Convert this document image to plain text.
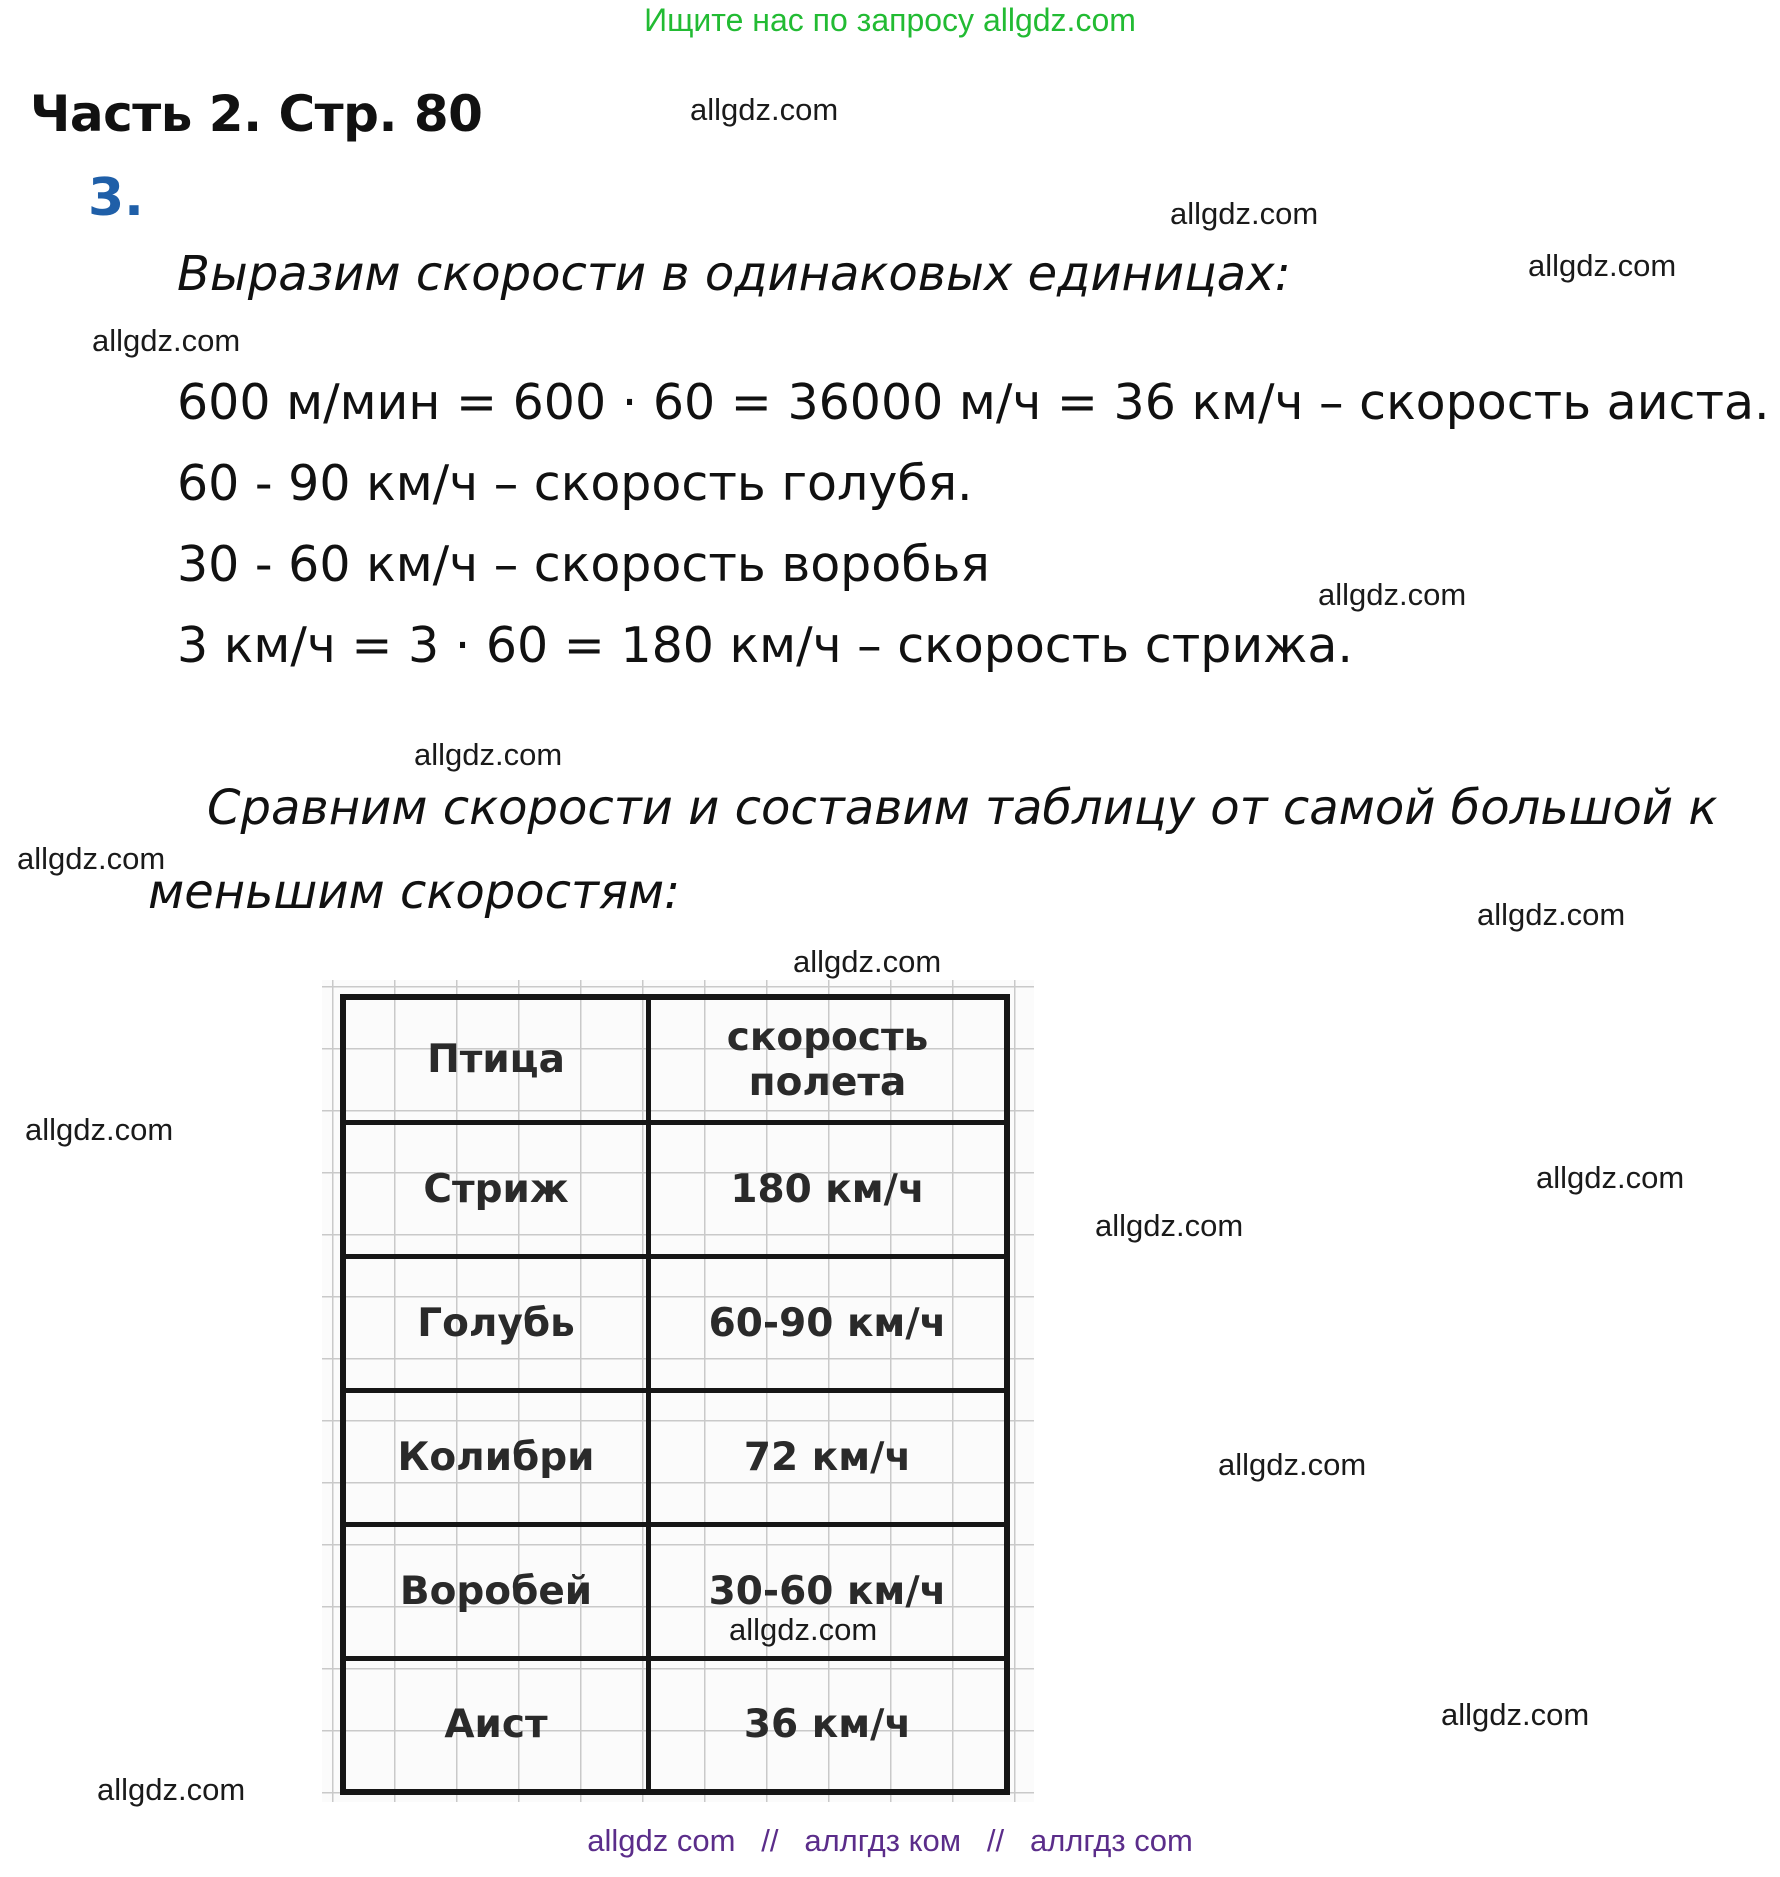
Ищите нас по запросу allgdz.com
Часть 2. Стр. 80
3.
Выразим скорости в одинаковых единицах:
600 м/мин = 600 · 60 = 36000 м/ч = 36 км/ч – скорость аиста.
60 - 90 км/ч – скорость голубя.
30 - 60 км/ч – скорость воробья
3 км/ч = 3 · 60 = 180 км/ч – скорость стрижа.
Сравним скорости и составим таблицу от самой большой к
меньшим скоростям:
Птица	скорость полета
Стриж	180 км/ч
Голубь	60-90 км/ч
Колибри	72 км/ч
Воробей	30-60 км/ч
Аист	36 км/ч
allgdz.com
allgdz.com
allgdz.com
allgdz.com
allgdz.com
allgdz.com
allgdz.com
allgdz.com
allgdz.com
allgdz.com
allgdz.com
allgdz.com
allgdz.com
allgdz.com
allgdz.com
allgdz.com
allgdz com // аллгдз ком // аллгдз com
